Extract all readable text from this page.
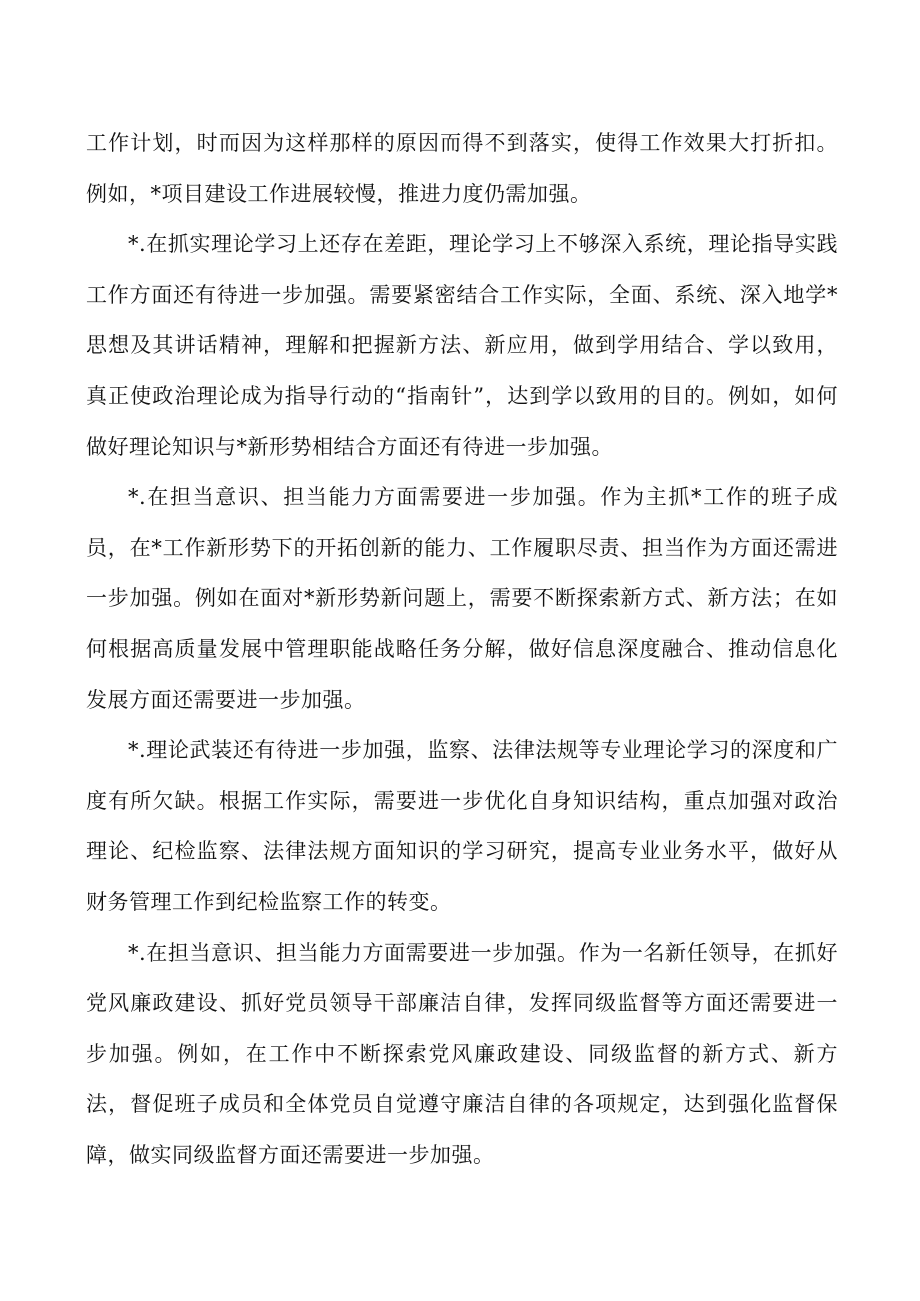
工作计划，时而因为这样那样的原因而得不到落实，使得工作效果大打折扣。例如，*项目建设工作进展较慢，推进力度仍需加强。

*.在抓实理论学习上还存在差距，理论学习上不够深入系统，理论指导实践工作方面还有待进一步加强。需要紧密结合工作实际，全面、系统、深入地学*思想及其讲话精神，理解和把握新方法、新应用，做到学用结合、学以致用，真正使政治理论成为指导行动的“指南针”，达到学以致用的目的。例如，如何做好理论知识与*新形势相结合方面还有待进一步加强。

*.在担当意识、担当能力方面需要进一步加强。作为主抓*工作的班子成员，在*工作新形势下的开拓创新的能力、工作履职尽责、担当作为方面还需进一步加强。例如在面对*新形势新问题上，需要不断探索新方式、新方法；在如何根据高质量发展中管理职能战略任务分解，做好信息深度融合、推动信息化发展方面还需要进一步加强。

*.理论武装还有待进一步加强，监察、法律法规等专业理论学习的深度和广度有所欠缺。根据工作实际，需要进一步优化自身知识结构，重点加强对政治理论、纪检监察、法律法规方面知识的学习研究，提高专业业务水平，做好从财务管理工作到纪检监察工作的转变。

*.在担当意识、担当能力方面需要进一步加强。作为一名新任领导，在抓好党风廉政建设、抓好党员领导干部廉洁自律，发挥同级监督等方面还需要进一步加强。例如，在工作中不断探索党风廉政建设、同级监督的新方式、新方法，督促班子成员和全体党员自觉遵守廉洁自律的各项规定，达到强化监督保障，做实同级监督方面还需要进一步加强。
